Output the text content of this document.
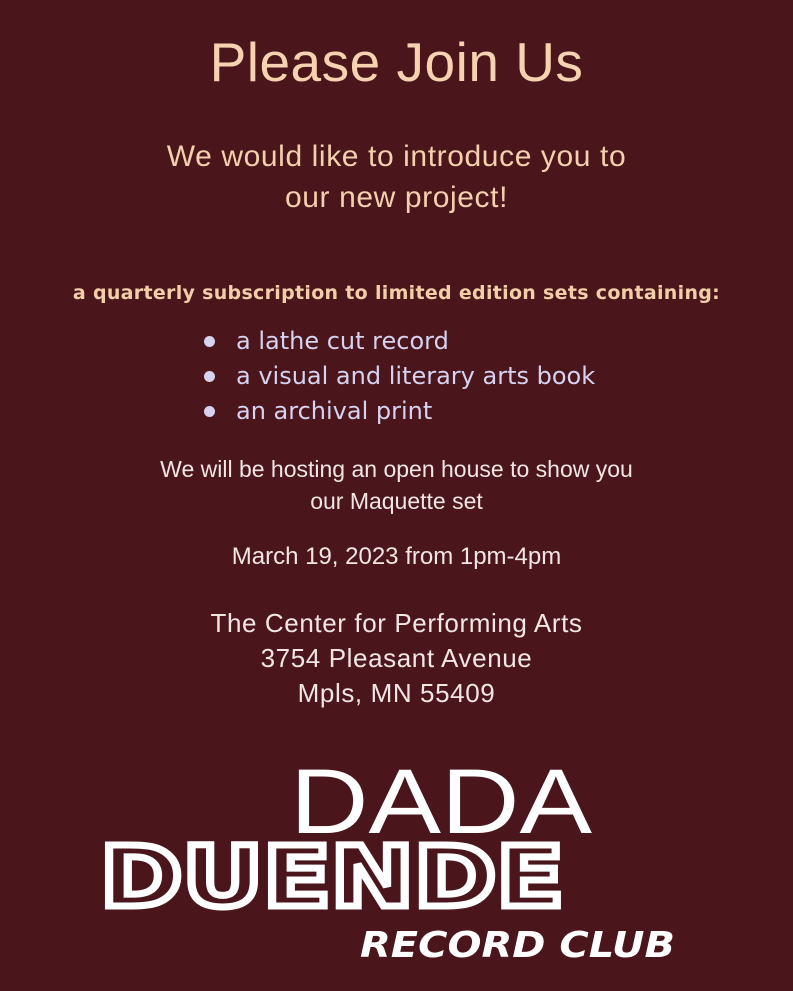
Please Join Us
We would like to introduce you to
our new project!
a quarterly subscription to limited edition sets containing:
a lathe cut record
a visual and literary arts book
an archival print
We will be hosting an open house to show you
our Maquette set
March 19, 2023 from 1pm-4pm
The Center for Performing Arts
3754 Pleasant Avenue
Mpls, MN 55409
DADA
DUENDE
RECORD CLUB
